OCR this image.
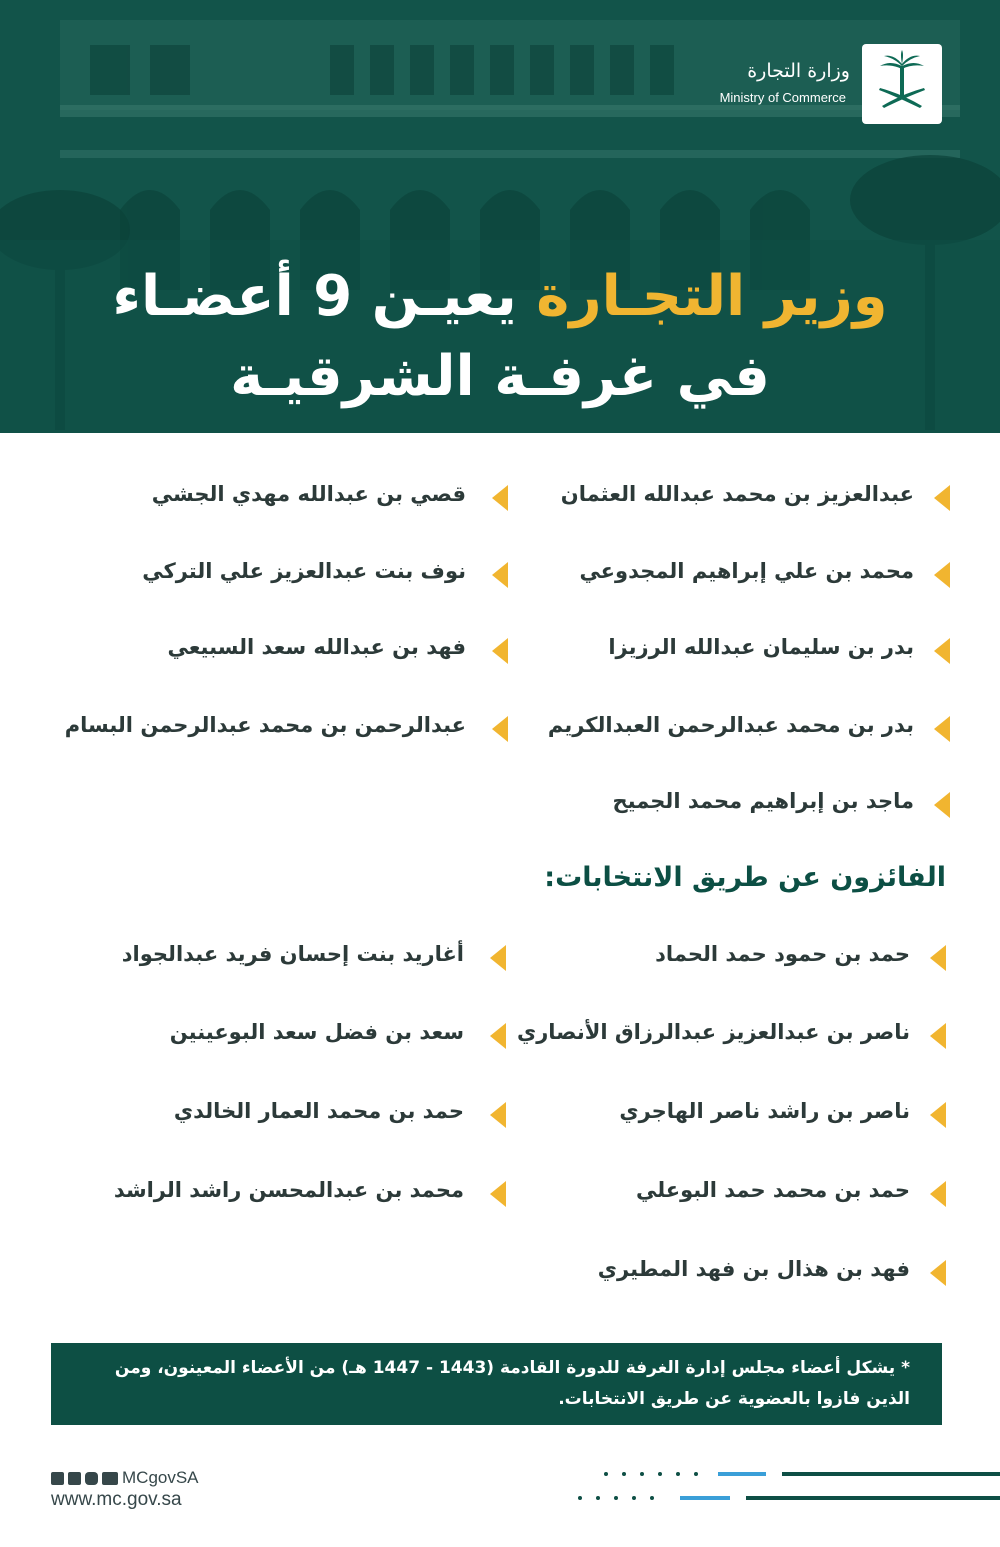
وزارة التجارة
Ministry of Commerce
وزير التجـارة يعيـن 9 أعضـاء
في غرفـة الشرقيـة
عبدالعزيز بن محمد عبدالله العثمان
قصي بن عبدالله مهدي الجشي
محمد بن علي إبراهيم المجدوعي
نوف بنت عبدالعزيز علي التركي
بدر بن سليمان عبدالله الرزيزا
فهد بن عبدالله سعد السبيعي
بدر بن محمد عبدالرحمن العبدالكريم
عبدالرحمن بن محمد عبدالرحمن البسام
ماجد بن إبراهيم محمد الجميح
الفائزون عن طريق الانتخابات:
حمد بن حمود حمد الحماد
أغاريد بنت إحسان فريد عبدالجواد
ناصر بن عبدالعزيز عبدالرزاق الأنصاري
سعد بن فضل سعد البوعينين
ناصر بن راشد ناصر الهاجري
حمد بن محمد العمار الخالدي
حمد بن محمد حمد البوعلي
محمد بن عبدالمحسن راشد الراشد
فهد بن هذال بن فهد المطيري
* يشكل أعضاء مجلس إدارة الغرفة للدورة القادمة (1443 - 1447 هـ) من الأعضاء المعينون، ومن
الذين فازوا بالعضوية عن طريق الانتخابات.
MCgovSA
www.mc.gov.sa
